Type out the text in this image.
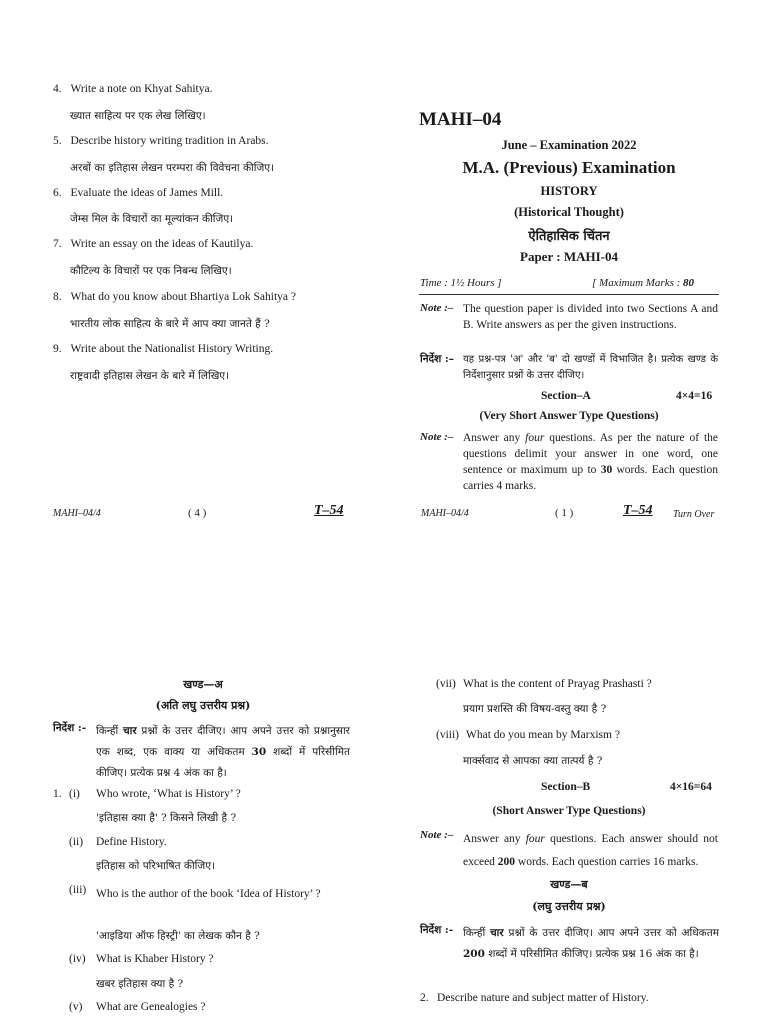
4. Write a note on Khyat Sahitya.
ख्यात साहित्य पर एक लेख लिखिए।
5. Describe history writing tradition in Arabs.
अरबों का इतिहास लेखन परम्परा की विवेचना कीजिए।
6. Evaluate the ideas of James Mill.
जेम्स मिल के विचारों का मूल्यांकन कीजिए।
7. Write an essay on the ideas of Kautilya.
कौटिल्य के विचारों पर एक निबन्ध लिखिए।
8. What do you know about Bhartiya Lok Sahitya ?
भारतीय लोक साहित्य के बारे में आप क्या जानते हैं ?
9. Write about the Nationalist History Writing.
राष्ट्रवादी इतिहास लेखन के बारे में लिखिए।
MAHI–04/4	( 4 )	T–54
MAHI–04
June – Examination 2022
M.A. (Previous) Examination
HISTORY
(Historical Thought)
ऐतिहासिक चिंतन
Paper : MAHI-04
Time : 1½ Hours ]	[ Maximum Marks : 80
Note :– The question paper is divided into two Sections A and B. Write answers as per the given instructions.
निर्देश :– यह प्रश्न-पत्र 'अ' और 'ब' दो खण्डों में विभाजित है। प्रत्येक खण्ड के निर्देशानुसार प्रश्नों के उत्तर दीजिए।
Section–A	4×4=16
(Very Short Answer Type Questions)
Note :– Answer any four questions. As per the nature of the questions delimit your answer in one word, one sentence or maximum up to 30 words. Each question carries 4 marks.
MAHI–04/4	( 1 )	T–54 Turn Over
खण्ड—अ
(अति लघु उत्तरीय प्रश्न)
निर्देश :- किन्हीं चार प्रश्नों के उत्तर दीजिए। आप अपने उत्तर को प्रश्नानुसार एक शब्द, एक वाक्य या अधिकतम 30 शब्दों में परिसीमित कीजिए। प्रत्येक प्रश्न 4 अंक का है।
1. (i) Who wrote, ‘What is History’ ?
'इतिहास क्या है' ? किसने लिखी है ?
(ii) Define History.
इतिहास को परिभाषित कीजिए।
(iii) Who is the author of the book ‘Idea of History’ ?
'आइडिया ऑफ हिस्ट्री' का लेखक कौन है ?
(iv) What is Khaber History ?
खबर इतिहास क्या है ?
(v) What are Genealogies ?
(vii) What is the content of Prayag Prashasti ?
प्रयाग प्रशस्ति की विषय-वस्तु क्या है ?
(viii) What do you mean by Marxism ?
मार्क्सवाद से आपका क्या तात्पर्य है ?
Section–B	4×16=64
(Short Answer Type Questions)
Note :– Answer any four questions. Each answer should not exceed 200 words. Each question carries 16 marks.
खण्ड—ब
(लघु उत्तरीय प्रश्न)
निर्देश :- किन्हीं चार प्रश्नों के उत्तर दीजिए। आप अपने उत्तर को अधिकतम 200 शब्दों में परिसीमित कीजिए। प्रत्येक प्रश्न 16 अंक का है।
2. Describe nature and subject matter of History.
